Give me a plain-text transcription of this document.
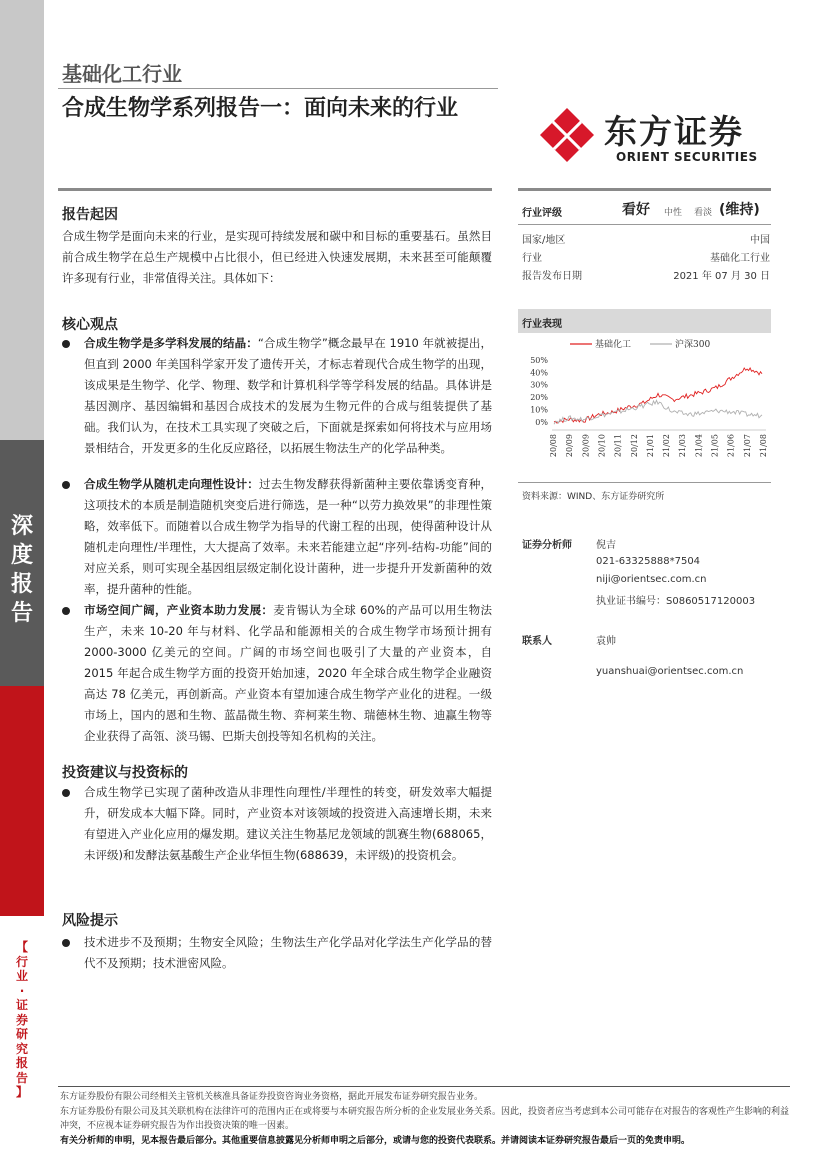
深
度
报
告
【
行
业
·
证
券
研
究
报
告
】
基础化工行业
合成生物学系列报告一：面向未来的行业
东方证券
ORIENT SECURITIES
报告起因
合成生物学是面向未来的行业，是实现可持续发展和碳中和目标的重要基石。虽然目前合成生物学在总生产规模中占比很小，但已经进入快速发展期，未来甚至可能颠覆许多现有行业，非常值得关注。具体如下：
核心观点
合成生物学是多学科发展的结晶：“合成生物学”概念最早在 1910 年就被提出，但直到 2000 年美国科学家开发了遗传开关，才标志着现代合成生物学的出现，该成果是生物学、化学、物理、数学和计算机科学等学科发展的结晶。具体讲是基因测序、基因编辑和基因合成技术的发展为生物元件的合成与组装提供了基础。我们认为，在技术工具实现了突破之后，下面就是探索如何将技术与应用场景相结合，开发更多的生化反应路径，以拓展生物法生产的化学品种类。
合成生物学从随机走向理性设计：过去生物发酵获得新菌种主要依靠诱变育种，这项技术的本质是制造随机突变后进行筛选，是一种“以劳力换效果”的非理性策略，效率低下。而随着以合成生物学为指导的代谢工程的出现，使得菌种设计从随机走向理性/半理性，大大提高了效率。未来若能建立起“序列-结构-功能”间的对应关系，则可实现全基因组层级定制化设计菌种，进一步提升开发新菌种的效率，提升菌种的性能。
市场空间广阔，产业资本助力发展：麦肯锡认为全球 60%的产品可以用生物法生产，未来 10-20 年与材料、化学品和能源相关的合成生物学市场预计拥有 2000-3000 亿美元的空间。广阔的市场空间也吸引了大量的产业资本，自 2015 年起合成生物学方面的投资开始加速，2020 年全球合成生物学企业融资高达 78 亿美元，再创新高。产业资本有望加速合成生物学产业化的进程。一级市场上，国内的恩和生物、蓝晶微生物、弈柯莱生物、瑞德林生物、迪赢生物等企业获得了高瓴、淡马锡、巴斯夫创投等知名机构的关注。
投资建议与投资标的
合成生物学已实现了菌种改造从非理性向理性/半理性的转变，研发效率大幅提升，研发成本大幅下降。同时，产业资本对该领域的投资进入高速增长期，未来有望进入产业化应用的爆发期。建议关注生物基尼龙领域的凯赛生物(688065，未评级)和发酵法氨基酸生产企业华恒生物(688639，未评级)的投资机会。
风险提示
技术进步不及预期；生物安全风险；生物法生产化学品对化学法生产化学品的替代不及预期；技术泄密风险。
行业评级	看好 中性 看淡 (维持)
国家/地区	中国
行业	基础化工行业
报告发布日期	2021 年 07 月 30 日
行业表现
基础化工	沪深300
50%
40%
30%
20%
10%
0%
20/08 20/09 20/09 20/10 20/11 20/12 21/01 21/02 21/03 21/04 21/05 21/06 21/07 21/08
资料来源：WIND、东方证券研究所
证券分析师 倪吉
021-63325888*7504
niji@orientsec.com.cn
执业证书编号：S0860517120003
联系人	袁帅
yuanshuai@orientsec.com.cn
东方证券股份有限公司经相关主管机关核准具备证券投资咨询业务资格，据此开展发布证券研究报告业务。
东方证券股份有限公司及其关联机构在法律许可的范围内正在或将要与本研究报告所分析的企业发展业务关系。因此，投资者应当考虑到本公司可能存在对报告的客观性产生影响的利益冲突，不应视本证券研究报告为作出投资决策的唯一因素。
有关分析师的申明，见本报告最后部分。其他重要信息披露见分析师申明之后部分，或请与您的投资代表联系。并请阅读本证券研究报告最后一页的免责申明。
